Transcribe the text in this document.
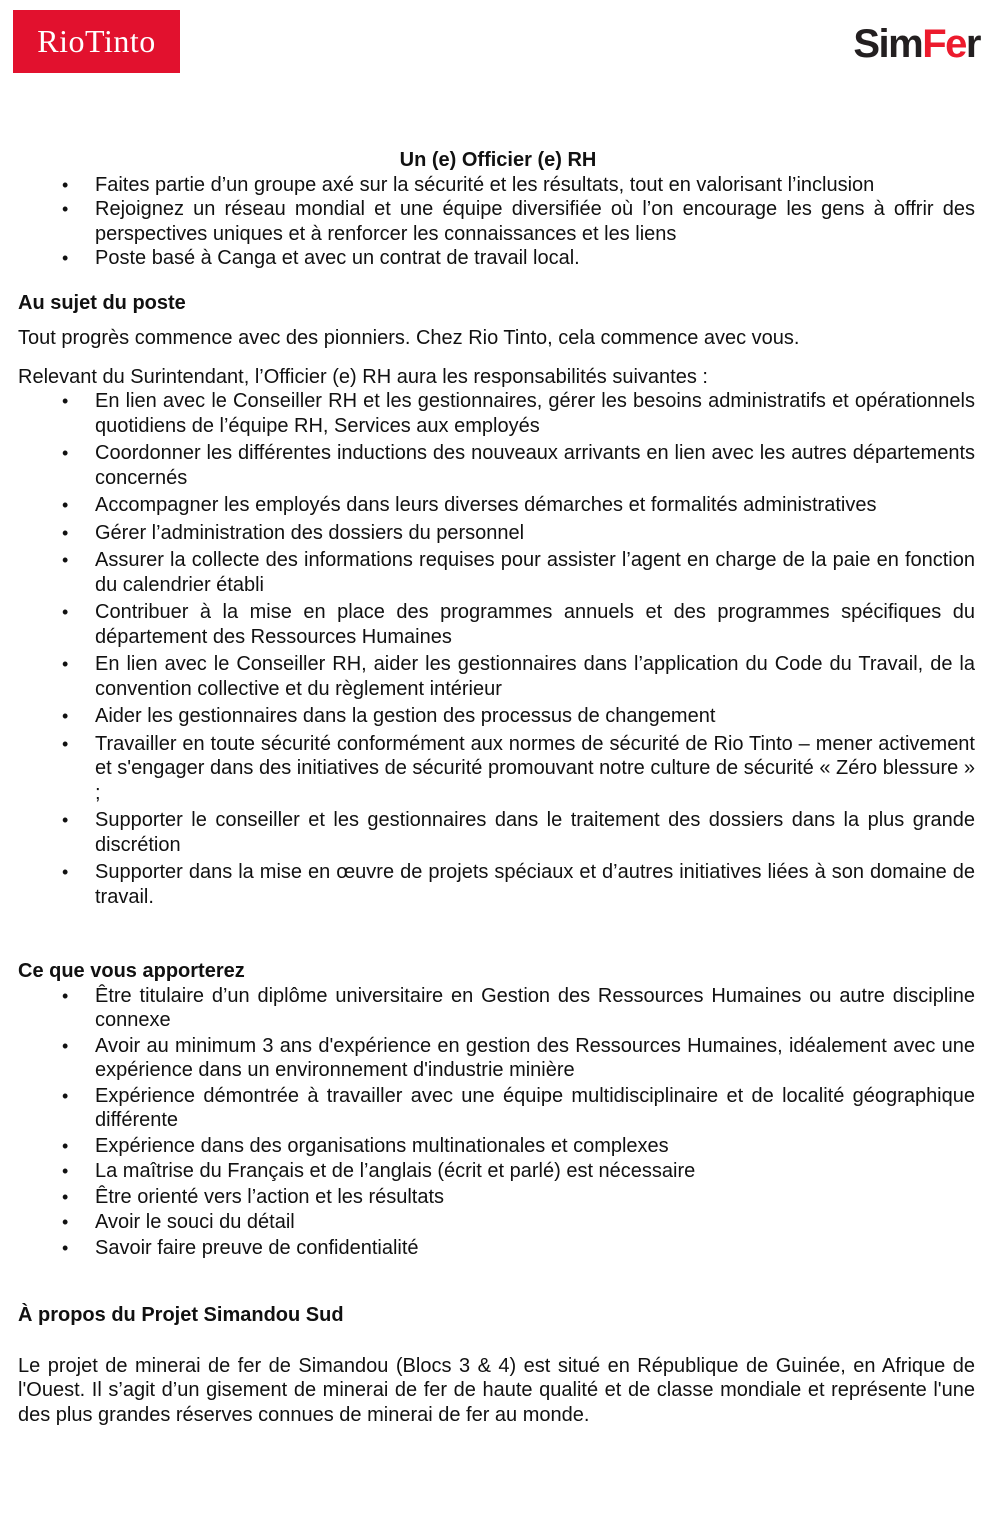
RioTinto	SimFer
Un (e) Officier (e) RH
•	Faites partie d’un groupe axé sur la sécurité et les résultats, tout en valorisant l’inclusion
•	Rejoignez un réseau mondial et une équipe diversifiée où l’on encourage les gens à offrir des perspectives uniques et à renforcer les connaissances et les liens
•	Poste basé à Canga et avec un contrat de travail local.
Au sujet du poste

Tout progrès commence avec des pionniers. Chez Rio Tinto, cela commence avec vous.

Relevant du Surintendant, l’Officier (e) RH aura les responsabilités suivantes :

•	En lien avec le Conseiller RH et les gestionnaires, gérer les besoins administratifs et opérationnels quotidiens de l’équipe RH, Services aux employés
•	Coordonner les différentes inductions des nouveaux arrivants en lien avec les autres départements concernés
•	Accompagner les employés dans leurs diverses démarches et formalités administratives
•	Gérer l’administration des dossiers du personnel
•	Assurer la collecte des informations requises pour assister l’agent en charge de la paie en fonction du calendrier établi
•	Contribuer à la mise en place des programmes annuels et des programmes spécifiques du département des Ressources Humaines
•	En lien avec le Conseiller RH, aider les gestionnaires dans l’application du Code du Travail, de la convention collective et du règlement intérieur
•	Aider les gestionnaires dans la gestion des processus de changement
•	Travailler en toute sécurité conformément aux normes de sécurité de Rio Tinto – mener activement et s'engager dans des initiatives de sécurité promouvant notre culture de sécurité « Zéro blessure » ;
•	Supporter le conseiller et les gestionnaires dans le traitement des dossiers dans la plus grande discrétion
•	Supporter dans la mise en œuvre de projets spéciaux et d’autres initiatives liées à son domaine de travail.
Ce que vous apporterez
•	Être titulaire d’un diplôme universitaire en Gestion des Ressources Humaines ou autre discipline connexe
•	Avoir au minimum 3 ans d'expérience en gestion des Ressources Humaines, idéalement avec une expérience dans un environnement d'industrie minière
•	Expérience démontrée à travailler avec une équipe multidisciplinaire et de localité géographique différente
•	Expérience dans des organisations multinationales et complexes
•	La maîtrise du Français et de l’anglais (écrit et parlé) est nécessaire
•	Être orienté vers l’action et les résultats
•	Avoir le souci du détail
•	Savoir faire preuve de confidentialité
À propos du Projet Simandou Sud

Le projet de minerai de fer de Simandou (Blocs 3 & 4) est situé en République de Guinée, en Afrique de l'Ouest. Il s’agit d’un gisement de minerai de fer de haute qualité et de classe mondiale et représente l'une des plus grandes réserves connues de minerai de fer au monde.
